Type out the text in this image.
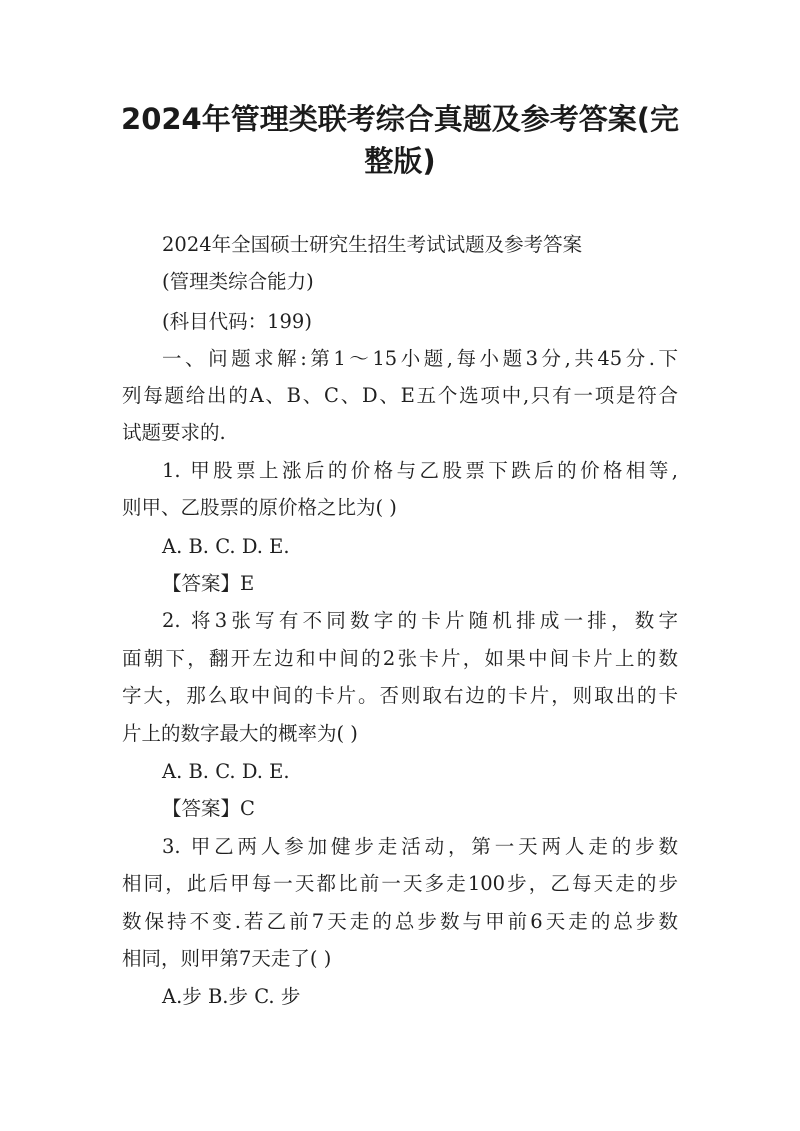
2024年管理类联考综合真题及参考答案(完
整版)

2024年全国硕士研究生招生考试试题及参考答案

(管理类综合能力)

(科目代码：199)

一、问题求解:第1～15小题,每小题3分,共45分.下

列每题给出的A、B、C、D、E五个选项中,只有一项是符合

试题要求的.

1. 甲股票上涨后的价格与乙股票下跌后的价格相等,

则甲、乙股票的原价格之比为( )

A. B. C. D. E.

【答案】E

2. 将3张写有不同数字的卡片随机排成一排，数字

面朝下，翻开左边和中间的2张卡片，如果中间卡片上的数

字大，那么取中间的卡片。否则取右边的卡片，则取出的卡

片上的数字最大的概率为( )

A. B. C. D. E.

【答案】C

3. 甲乙两人参加健步走活动，第一天两人走的步数

相同，此后甲每一天都比前一天多走100步，乙每天走的步

数保持不变.若乙前7天走的总步数与甲前6天走的总步数

相同，则甲第7天走了( )

A.步 B.步 C. 步
